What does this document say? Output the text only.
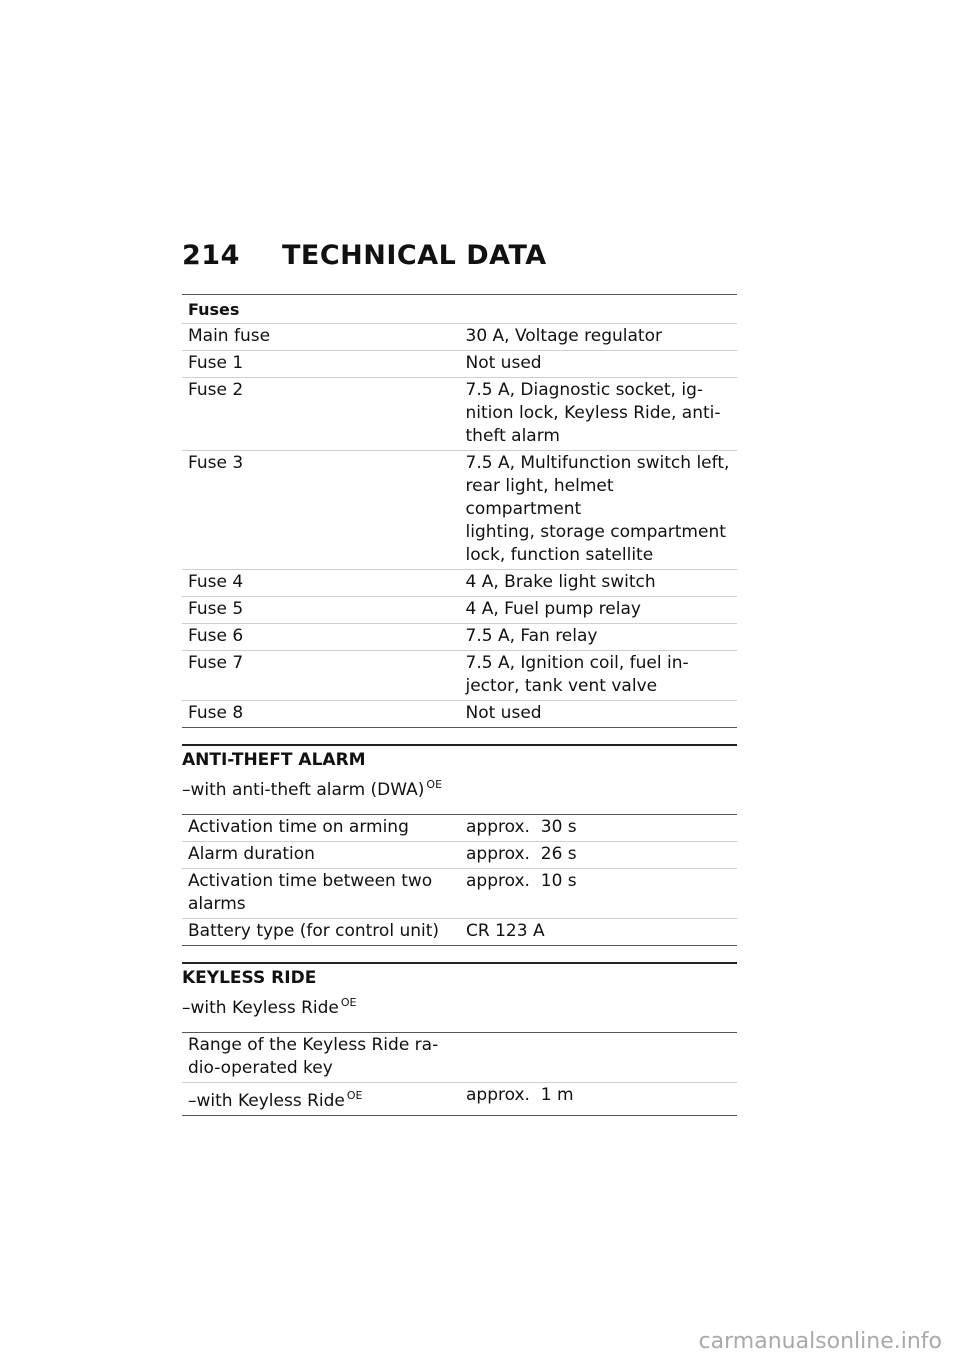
214 TECHNICAL DATA
Fuses	
Main fuse	30 A, Voltage regulator
Fuse 1	Not used
Fuse 2	7.5 A, Diagnostic socket, ig-
nition lock, Keyless Ride, anti-
theft alarm
Fuse 3	7.5 A, Multifunction switch left,
rear light, helmet compartment
lighting, storage compartment
lock, function satellite
Fuse 4	4 A, Brake light switch
Fuse 5	4 A, Fuel pump relay
Fuse 6	7.5 A, Fan relay
Fuse 7	7.5 A, Ignition coil, fuel in-
jector, tank vent valve
Fuse 8	Not used
ANTI-THEFT ALARM
–with anti-theft alarm (DWA) $^{OE}$
Activation time on arming	approx.  30 s
Alarm duration	approx.  26 s
Activation time between two
alarms	approx.  10 s
Battery type (for control unit)	CR 123 A
KEYLESS RIDE
–with Keyless Ride $^{OE}$
Range of the Keyless Ride ra-
dio-operated key	
–with Keyless Ride $^{OE}$	approx.  1 m
carmanualsonline.info
